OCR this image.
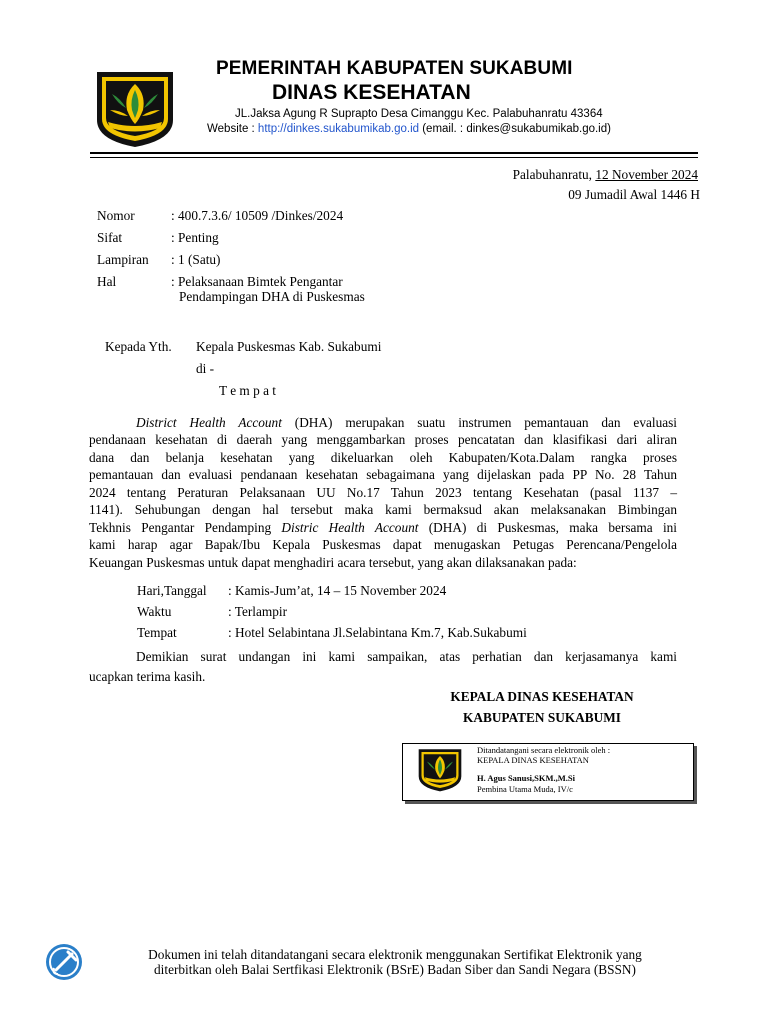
PEMERINTAH KABUPATEN SUKABUMI
DINAS KESEHATAN
JL.Jaksa Agung R Suprapto Desa Cimanggu Kec. Palabuhanratu 43364
Website : http://dinkes.sukabumikab.go.id (email. : dinkes@sukabumikab.go.id)
Palabuhanratu, 12 November 2024
09 Jumadil Awal 1446 H
Nomor	: 400.7.3.6/ 10509 /Dinkes/2024
Sifat	: Penting
Lampiran : 1 (Satu)
Hal	: Pelaksanaan Bimtek Pengantar
Pendampingan DHA di Puskesmas
Kepada Yth. Kepala Puskesmas Kab. Sukabumi
di -
T e m p a t
District Health Account (DHA) merupakan suatu instrumen pemantauan dan evaluasi
pendanaan kesehatan di daerah yang menggambarkan proses pencatatan dan klasifikasi dari aliran
dana dan belanja kesehatan yang dikeluarkan oleh Kabupaten/Kota.Dalam rangka proses
pemantauan dan evaluasi pendanaan kesehatan sebagaimana yang dijelaskan pada PP No. 28 Tahun
2024 tentang Peraturan Pelaksanaan UU No.17 Tahun 2023 tentang Kesehatan (pasal 1137 –
1141). Sehubungan dengan hal tersebut maka kami bermaksud akan melaksanakan Bimbingan
Tekhnis Pengantar Pendamping Distric Health Account (DHA) di Puskesmas, maka bersama ini
kami harap agar Bapak/Ibu Kepala Puskesmas dapat menugaskan Petugas Perencana/Pengelola
Keuangan Puskesmas untuk dapat menghadiri acara tersebut, yang akan dilaksanakan pada:
Hari,Tanggal : Kamis-Jum’at, 14 – 15 November 2024
Waktu	: Terlampir
Tempat	: Hotel Selabintana Jl.Selabintana Km.7, Kab.Sukabumi
Demikian surat undangan ini kami sampaikan, atas perhatian dan kerjasamanya kami
ucapkan terima kasih.
KEPALA DINAS KESEHATAN
KABUPATEN SUKABUMI
Ditandatangani secara elektronik oleh :
KEPALA DINAS KESEHATAN
H. Agus Sanusi,SKM.,M.Si
Pembina Utama Muda, IV/c
Dokumen ini telah ditandatangani secara elektronik menggunakan Sertifikat Elektronik yang
diterbitkan oleh Balai Sertfikasi Elektronik (BSrE) Badan Siber dan Sandi Negara (BSSN)
